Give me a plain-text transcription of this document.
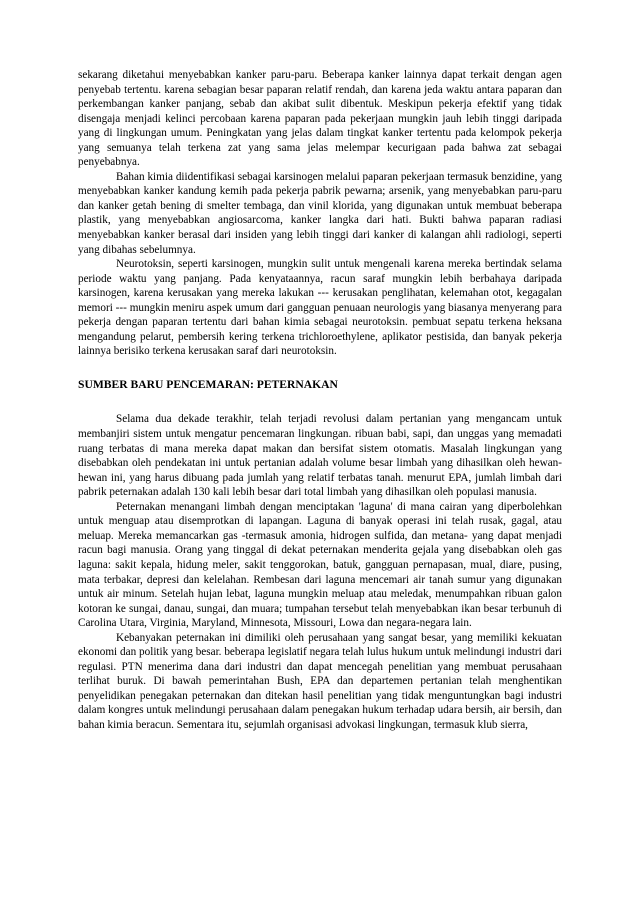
sekarang diketahui menyebabkan kanker paru-paru. Beberapa kanker lainnya dapat terkait dengan agen penyebab tertentu. karena sebagian besar paparan relatif rendah, dan karena jeda waktu antara paparan dan perkembangan kanker panjang, sebab dan akibat sulit dibentuk. Meskipun pekerja efektif yang tidak disengaja menjadi kelinci percobaan karena paparan pada pekerjaan mungkin jauh lebih tinggi daripada yang di lingkungan umum. Peningkatan yang jelas dalam tingkat kanker tertentu pada kelompok pekerja yang semuanya telah terkena zat yang sama jelas melempar kecurigaan pada bahwa zat sebagai penyebabnya.

Bahan kimia diidentifikasi sebagai karsinogen melalui paparan pekerjaan termasuk benzidine, yang menyebabkan kanker kandung kemih pada pekerja pabrik pewarna; arsenik, yang menyebabkan paru-paru dan kanker getah bening di smelter tembaga, dan vinil klorida, yang digunakan untuk membuat beberapa plastik, yang menyebabkan angiosarcoma, kanker langka dari hati. Bukti bahwa paparan radiasi menyebabkan kanker berasal dari insiden yang lebih tinggi dari kanker di kalangan ahli radiologi, seperti yang dibahas sebelumnya.

Neurotoksin, seperti karsinogen, mungkin sulit untuk mengenali karena mereka bertindak selama periode waktu yang panjang. Pada kenyataannya, racun saraf mungkin lebih berbahaya daripada karsinogen, karena kerusakan yang mereka lakukan --- kerusakan penglihatan, kelemahan otot, kegagalan memori --- mungkin meniru aspek umum dari gangguan penuaan neurologis yang biasanya menyerang para pekerja dengan paparan tertentu dari bahan kimia sebagai neurotoksin. pembuat sepatu terkena heksana mengandung pelarut, pembersih kering terkena trichloroethylene, aplikator pestisida, dan banyak pekerja lainnya berisiko terkena kerusakan saraf dari neurotoksin.

SUMBER BARU PENCEMARAN: PETERNAKAN

Selama dua dekade terakhir, telah terjadi revolusi dalam pertanian yang mengancam untuk membanjiri sistem untuk mengatur pencemaran lingkungan. ribuan babi, sapi, dan unggas yang memadati ruang terbatas di mana mereka dapat makan dan bersifat sistem otomatis. Masalah lingkungan yang disebabkan oleh pendekatan ini untuk pertanian adalah volume besar limbah yang dihasilkan oleh hewan-hewan ini, yang harus dibuang pada jumlah yang relatif terbatas tanah. menurut EPA, jumlah limbah dari pabrik peternakan adalah 130 kali lebih besar dari total limbah yang dihasilkan oleh populasi manusia.

Peternakan menangani limbah dengan menciptakan 'laguna' di mana cairan yang diperbolehkan untuk menguap atau disemprotkan di lapangan. Laguna di banyak operasi ini telah rusak, gagal, atau meluap. Mereka memancarkan gas -termasuk amonia, hidrogen sulfida, dan metana- yang dapat menjadi racun bagi manusia. Orang yang tinggal di dekat peternakan menderita gejala yang disebabkan oleh gas laguna: sakit kepala, hidung meler, sakit tenggorokan, batuk, gangguan pernapasan, mual, diare, pusing, mata terbakar, depresi dan kelelahan. Rembesan dari laguna mencemari air tanah sumur yang digunakan untuk air minum. Setelah hujan lebat, laguna mungkin meluap atau meledak, menumpahkan ribuan galon kotoran ke sungai, danau, sungai, dan muara; tumpahan tersebut telah menyebabkan ikan besar terbunuh di Carolina Utara, Virginia, Maryland, Minnesota, Missouri, Lowa dan negara-negara lain.

Kebanyakan peternakan ini dimiliki oleh perusahaan yang sangat besar, yang memiliki kekuatan ekonomi dan politik yang besar. beberapa legislatif negara telah lulus hukum untuk melindungi industri dari regulasi. PTN menerima dana dari industri dan dapat mencegah penelitian yang membuat perusahaan terlihat buruk. Di bawah pemerintahan Bush, EPA dan departemen pertanian telah menghentikan penyelidikan penegakan peternakan dan ditekan hasil penelitian yang tidak menguntungkan bagi industri dalam kongres untuk melindungi perusahaan dalam penegakan hukum terhadap udara bersih, air bersih, dan bahan kimia beracun. Sementara itu, sejumlah organisasi advokasi lingkungan, termasuk klub sierra,
